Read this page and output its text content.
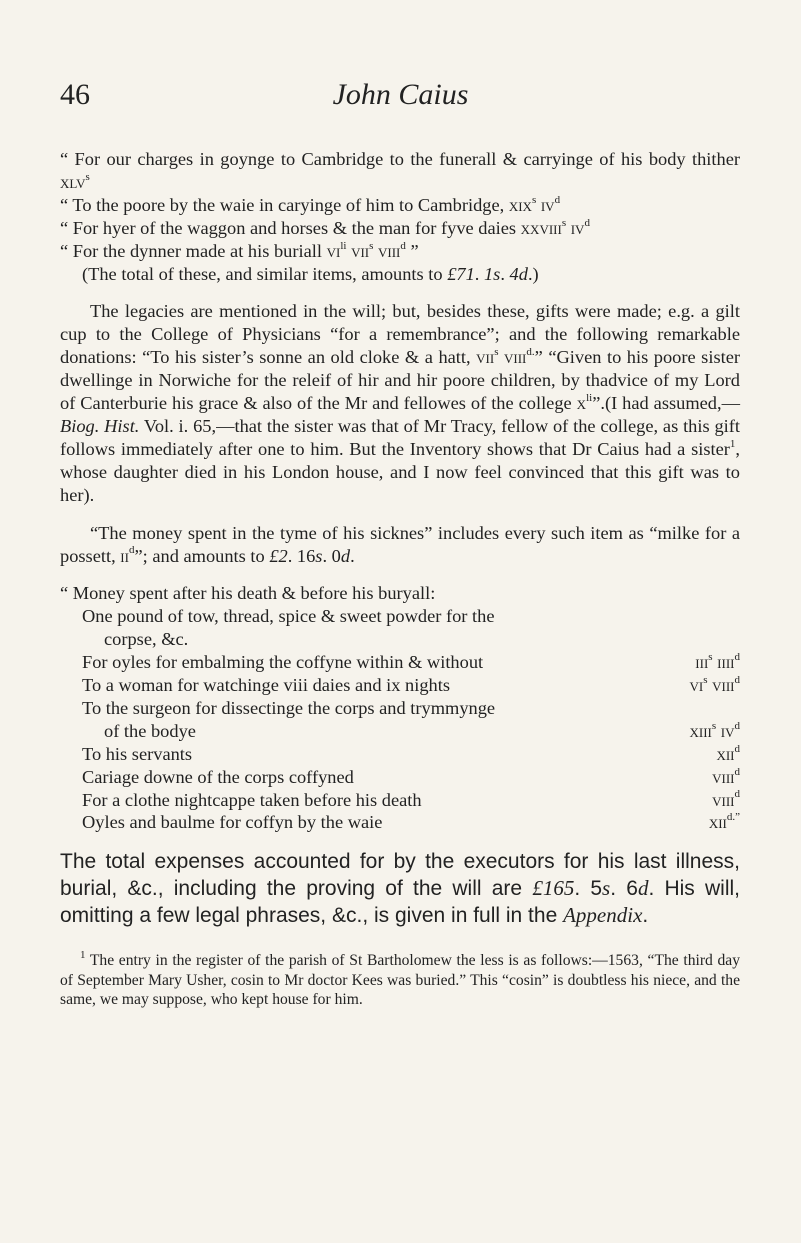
46	John Caius

“ For our charges in goynge to Cambridge to the funerall & carryinge of his body thither xlv$^s$

“ To the poore by the waie in caryinge of him to Cambridge, xix$^s$ $iv^d$

“ For hyer of the waggon and horses & the man for fyve daies xxviii$^s$ $iv^d$

“ For the dynner made at his buriall $vi^{li}$ vii$^s$ viii$^d$ ”

(The total of these, and similar items, amounts to £71. 1s. 4d.)

The legacies are mentioned in the will; but, besides these, gifts were made; e.g. a gilt cup to the College of Physicians “for a remembrance”; and the following remarkable donations: “To his sister’s sonne an old cloke & a hatt, vii$^s$ viii$^{d.}$” “Given to his poore sister dwellinge in Norwiche for the releif of hir and hir poore children, by thadvice of my Lord of Canterburie his grace & also of the Mr and fellowes of the college $x^{li}”.(I$ had assumed,—Biog. Hist. Vol. i. 65,—that the sister was that of Mr Tracy, fellow of the college, as this gift follows immediately after one to him. But the Inventory shows that Dr Caius had a sister$^1$, whose daughter died in his London house, and I now feel convinced that this gift was to her).

“The money spent in the tyme of his sicknes” includes every such item as “milke for a possett, $ii^d$”; and amounts to £2. 16s. 0d.

“ Money spent after his death & before his buryall:

One pound of tow, thread, spice & sweet powder for the
corpse, &c.
For oyles for embalming the coffyne within & without	iii$^s$ iiii$^d$
To a woman for watchinge viii daies and ix nights	$vi^s$ viii$^d$
To the surgeon for dissectinge the corps and trymmynge
of the bodye	xiii$^s$ $iv^d$
To his servants	xii$^d$
Cariage downe of the corps coffyned	viii$^d$
For a clothe nightcappe taken before his death	viii$^d$
Oyles and baulme for coffyn by the waie	xii$^{d.”}$

The total expenses accounted for by the executors for his last illness, burial, &c., including the proving of the will are £165. 5s. 6d. His will, omitting a few legal phrases, &c., is given in full in the Appendix.

$^1$ The entry in the register of the parish of St Bartholomew the less is as follows:—1563, “The third day of September Mary Usher, cosin to Mr doctor Kees was buried.” This “cosin” is doubtless his niece, and the same, we may suppose, who kept house for him.
